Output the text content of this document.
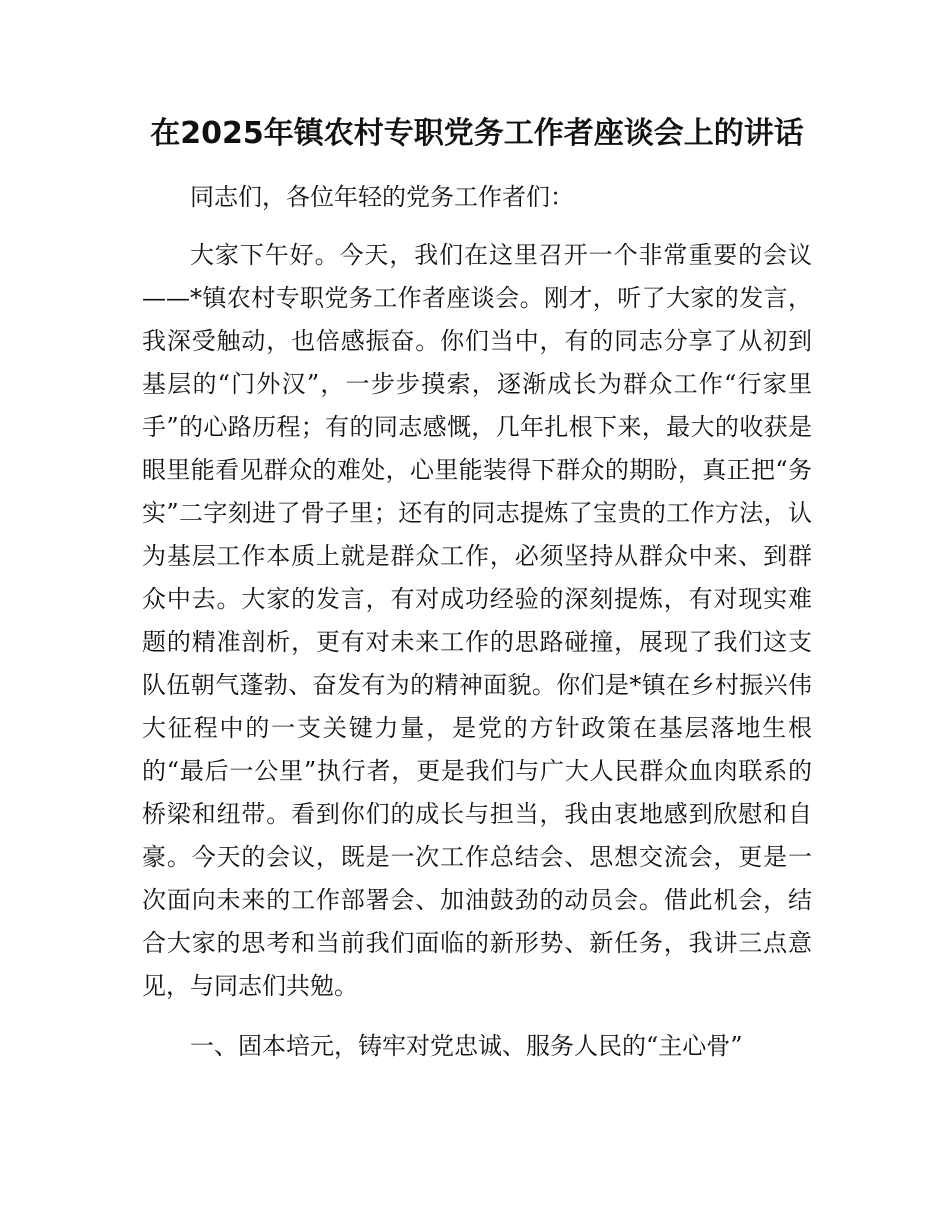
在2025年镇农村专职党务工作者座谈会上的讲话

同志们，各位年轻的党务工作者们：

大家下午好。今天，我们在这里召开一个非常重要的会议——*镇农村专职党务工作者座谈会。刚才，听了大家的发言，我深受触动，也倍感振奋。你们当中，有的同志分享了从初到基层的“门外汉”，一步步摸索，逐渐成长为群众工作“行家里手”的心路历程；有的同志感慨，几年扎根下来，最大的收获是眼里能看见群众的难处，心里能装得下群众的期盼，真正把“务实”二字刻进了骨子里；还有的同志提炼了宝贵的工作方法，认为基层工作本质上就是群众工作，必须坚持从群众中来、到群众中去。大家的发言，有对成功经验的深刻提炼，有对现实难题的精准剖析，更有对未来工作的思路碰撞，展现了我们这支队伍朝气蓬勃、奋发有为的精神面貌。你们是*镇在乡村振兴伟大征程中的一支关键力量，是党的方针政策在基层落地生根的“最后一公里”执行者，更是我们与广大人民群众血肉联系的桥梁和纽带。看到你们的成长与担当，我由衷地感到欣慰和自豪。今天的会议，既是一次工作总结会、思想交流会，更是一次面向未来的工作部署会、加油鼓劲的动员会。借此机会，结合大家的思考和当前我们面临的新形势、新任务，我讲三点意见，与同志们共勉。

一、固本培元，铸牢对党忠诚、服务人民的“主心骨”
